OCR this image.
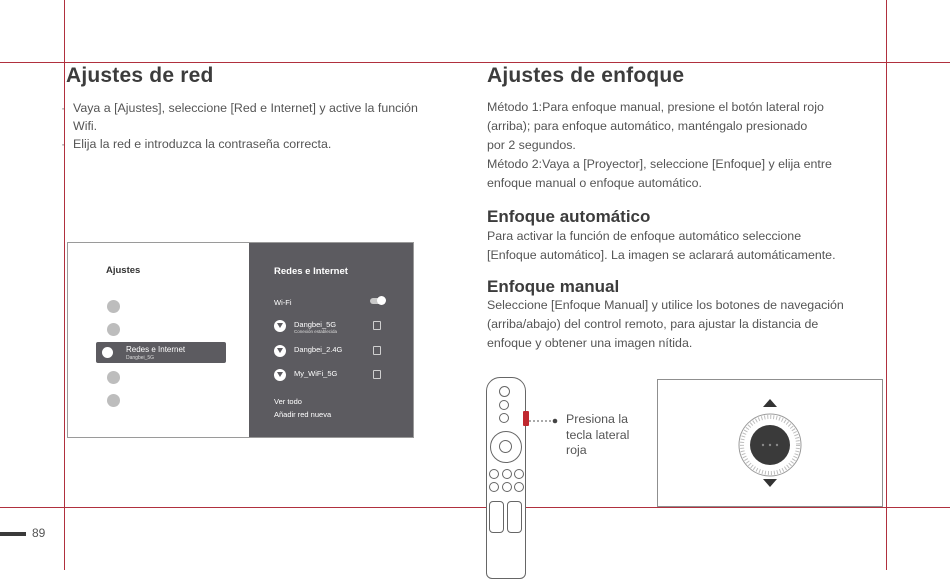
Ajustes de red
· Vaya a [Ajustes], seleccione [Red e Internet] y active la función Wifi.
· Elija la red e introduzca la contraseña correcta.
Ajustes
Redes e Internet
Dangbei_5G
Redes e Internet
Wi-Fi
Dangbei_5G
Conexión establecida
Dangbei_2.4G
My_WiFi_5G
Ver todo
Añadir red nueva
Ajustes de enfoque
Método 1:Para enfoque manual, presione el botón lateral rojo
(arriba); para enfoque automático, manténgalo presionado
por 2 segundos.
Método 2:Vaya a [Proyector], seleccione [Enfoque] y elija entre
enfoque manual o enfoque automático.
Enfoque automático
Para activar la función de enfoque automático seleccione
[Enfoque automático]. La imagen se aclarará automáticamente.
Enfoque manual
Seleccione [Enfoque Manual] y utilice los botones de navegación
(arriba/abajo) del control remoto, para ajustar la distancia de
enfoque y obtener una imagen nítida.
Presiona la
tecla lateral
roja
89
